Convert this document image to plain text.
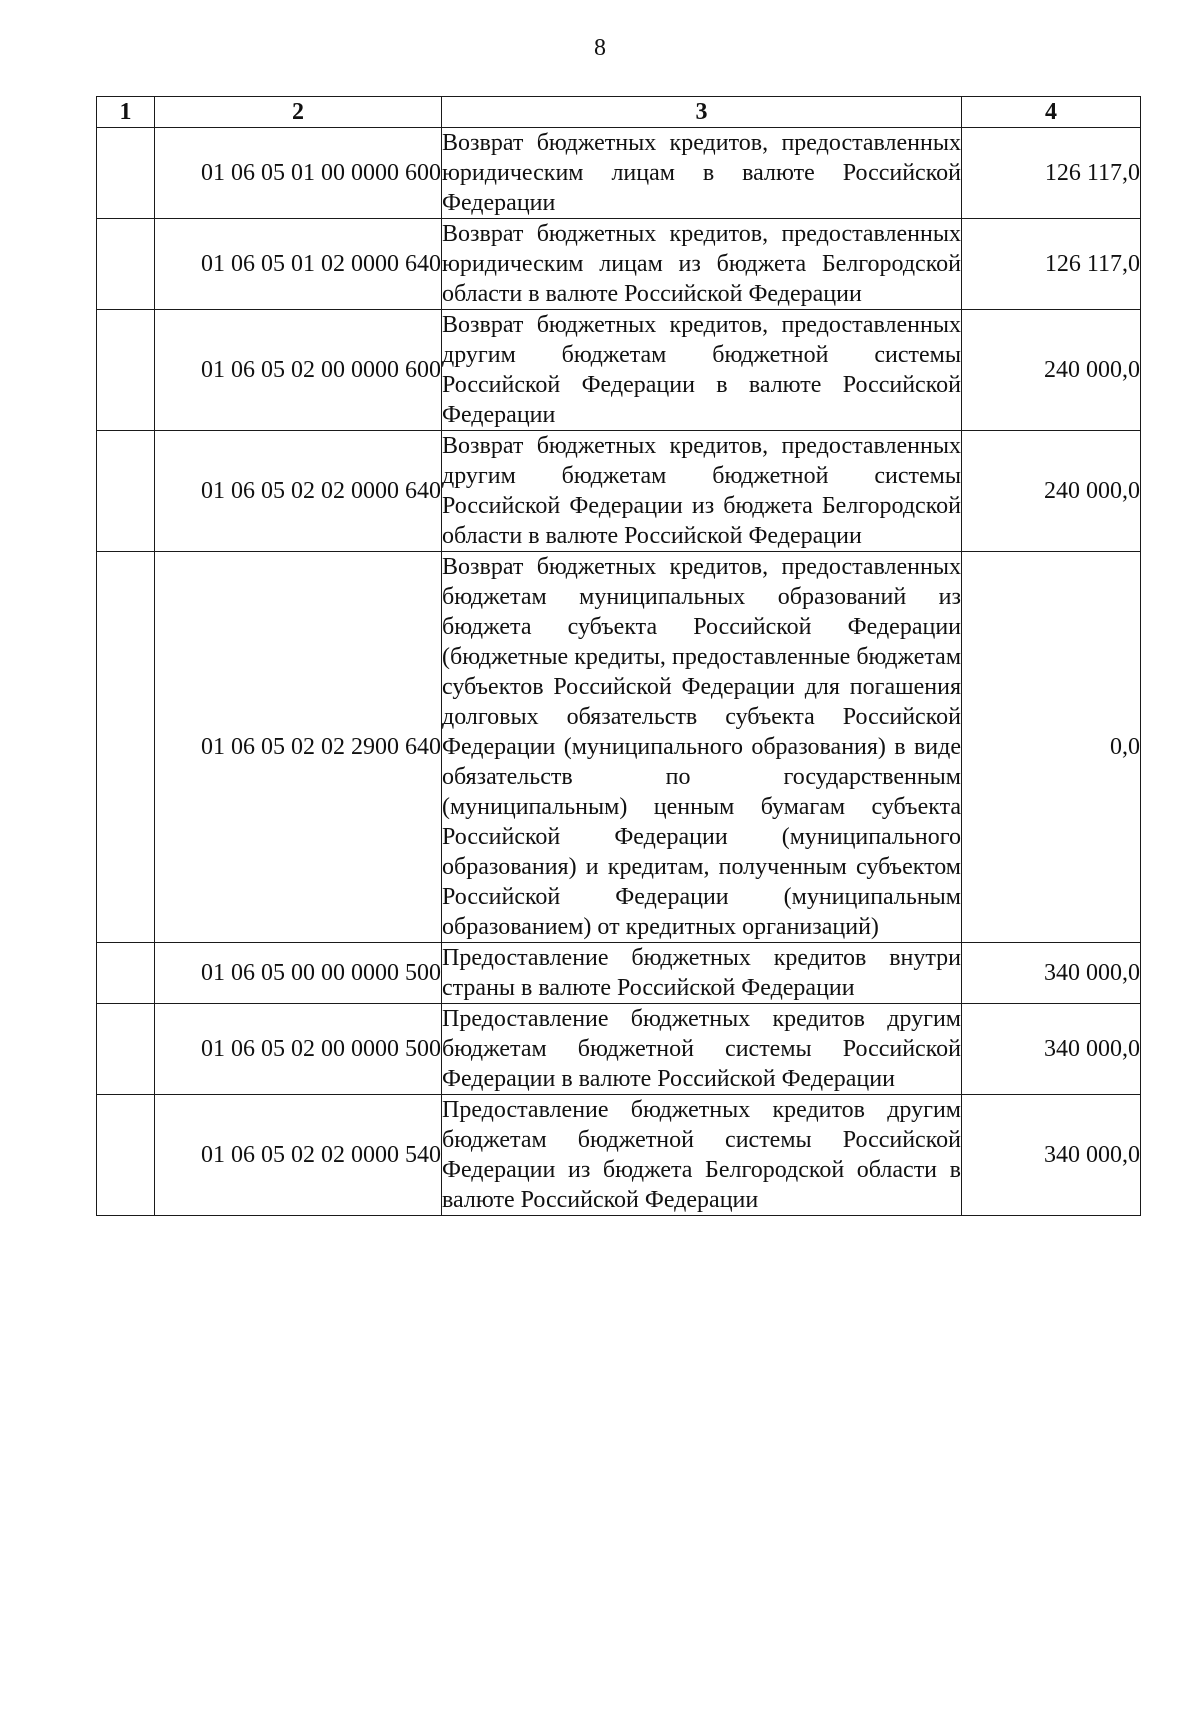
8
1	2	3	4
	01 06 05 01 00 0000 600	Возврат бюджетных кредитов, предоставленных юридическим лицам в валюте Российской Федерации	126 117,0
	01 06 05 01 02 0000 640	Возврат бюджетных кредитов, предоставленных юридическим лицам из бюджета Белгородской области в валюте Российской Федерации	126 117,0
	01 06 05 02 00 0000 600	Возврат бюджетных кредитов, предоставленных другим бюджетам бюджетной системы Российской Федерации в валюте Российской Федерации	240 000,0
	01 06 05 02 02 0000 640	Возврат бюджетных кредитов, предоставленных другим бюджетам бюджетной системы Российской Федерации из бюджета Белгородской области в валюте Российской Федерации	240 000,0
	01 06 05 02 02 2900 640	Возврат бюджетных кредитов, предоставленных бюджетам муниципальных образований из бюджета субъекта Российской Федерации (бюджетные кредиты, предоставленные бюджетам субъектов Российской Федерации для погашения долговых обязательств субъекта Российской Федерации (муниципального образования) в виде обязательств по государственным (муниципальным) ценным бумагам субъекта Российской Федерации (муниципального образования) и кредитам, полученным субъектом Российской Федерации (муниципальным образованием) от кредитных организаций)	0,0
	01 06 05 00 00 0000 500	Предоставление бюджетных кредитов внутри страны в валюте Российской Федерации	340 000,0
	01 06 05 02 00 0000 500	Предоставление бюджетных кредитов другим бюджетам бюджетной системы Российской Федерации в валюте Российской Федерации	340 000,0
	01 06 05 02 02 0000 540	Предоставление бюджетных кредитов другим бюджетам бюджетной системы Российской Федерации из бюджета Белгородской области в валюте Российской Федерации	340 000,0
